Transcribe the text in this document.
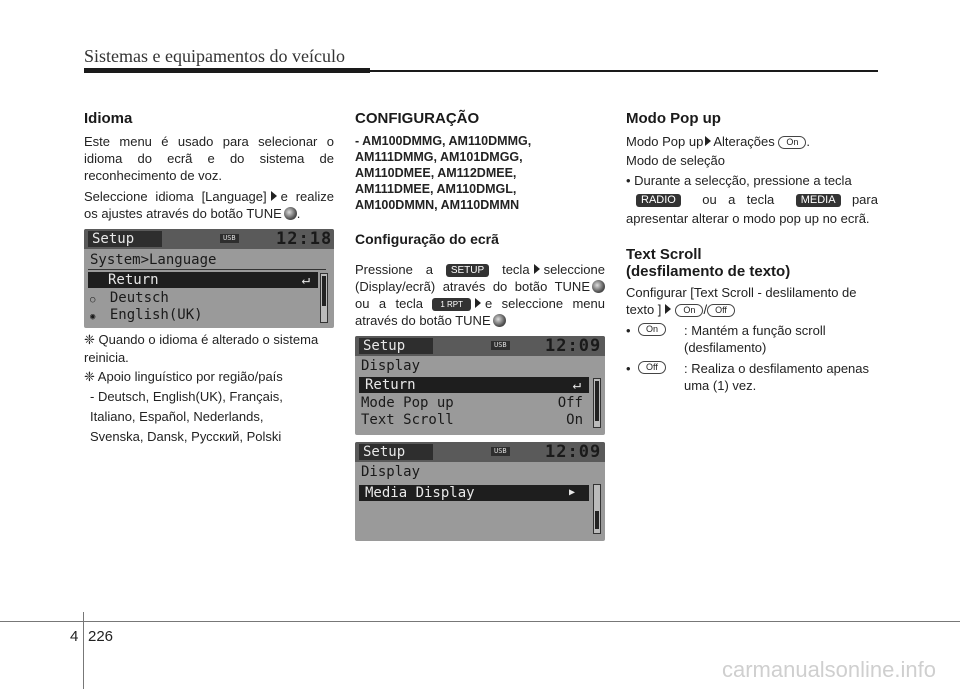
Sistemas e equipamentos do veículo
Idioma
Este menu é usado para selecionar o idioma do ecrã e do sistema de reconhecimento de voz.
Seleccione idioma [Language] e realize os ajustes através do botão TUNE .
Setup	USB 12:18
System>Language
Return	↵
○ Deutsch
◉ English(UK)
❈ Quando o idioma é alterado o sistema reinicia.
❈ Apoio linguístico por região/país
- Deutsch, English(UK), Français, Italiano, Español, Nederlands, Svenska, Dansk, Русский, Polski
CONFIGURAÇÃO
- AM100DMMG, AM110DMMG, AM111DMMG, AM101DMGG, AM110DMEE, AM112DMEE, AM111DMEE, AM110DMGL, AM100DMMN, AM110DMMN
Configuração do ecrã
Pressione a SETUP tecla seleccione (Display/ecrã) através do botão TUNE ou a tecla 1 RPT e seleccione menu através do botão TUNE
Setup	USB 12:09
Display
Return	↵
Mode Pop up	Off
Text Scroll	On
Setup	USB 12:09
Display
Media Display	▶
Modo Pop up
Modo Pop up Alterações On .
Modo de seleção
• Durante a selecção, pressione a tecla
RADIO ou a tecla MEDIA para apresentar alterar o modo pop up no ecrã.
Text Scroll
(desfilamento de texto)
Configurar [Text Scroll - deslilamento de texto ] On / Off
•	On	: Mantém a função scroll (desfilamento)
•	Off	: Realiza o desfilamento apenas uma (1) vez.
4 226
carmanualsonline.info
